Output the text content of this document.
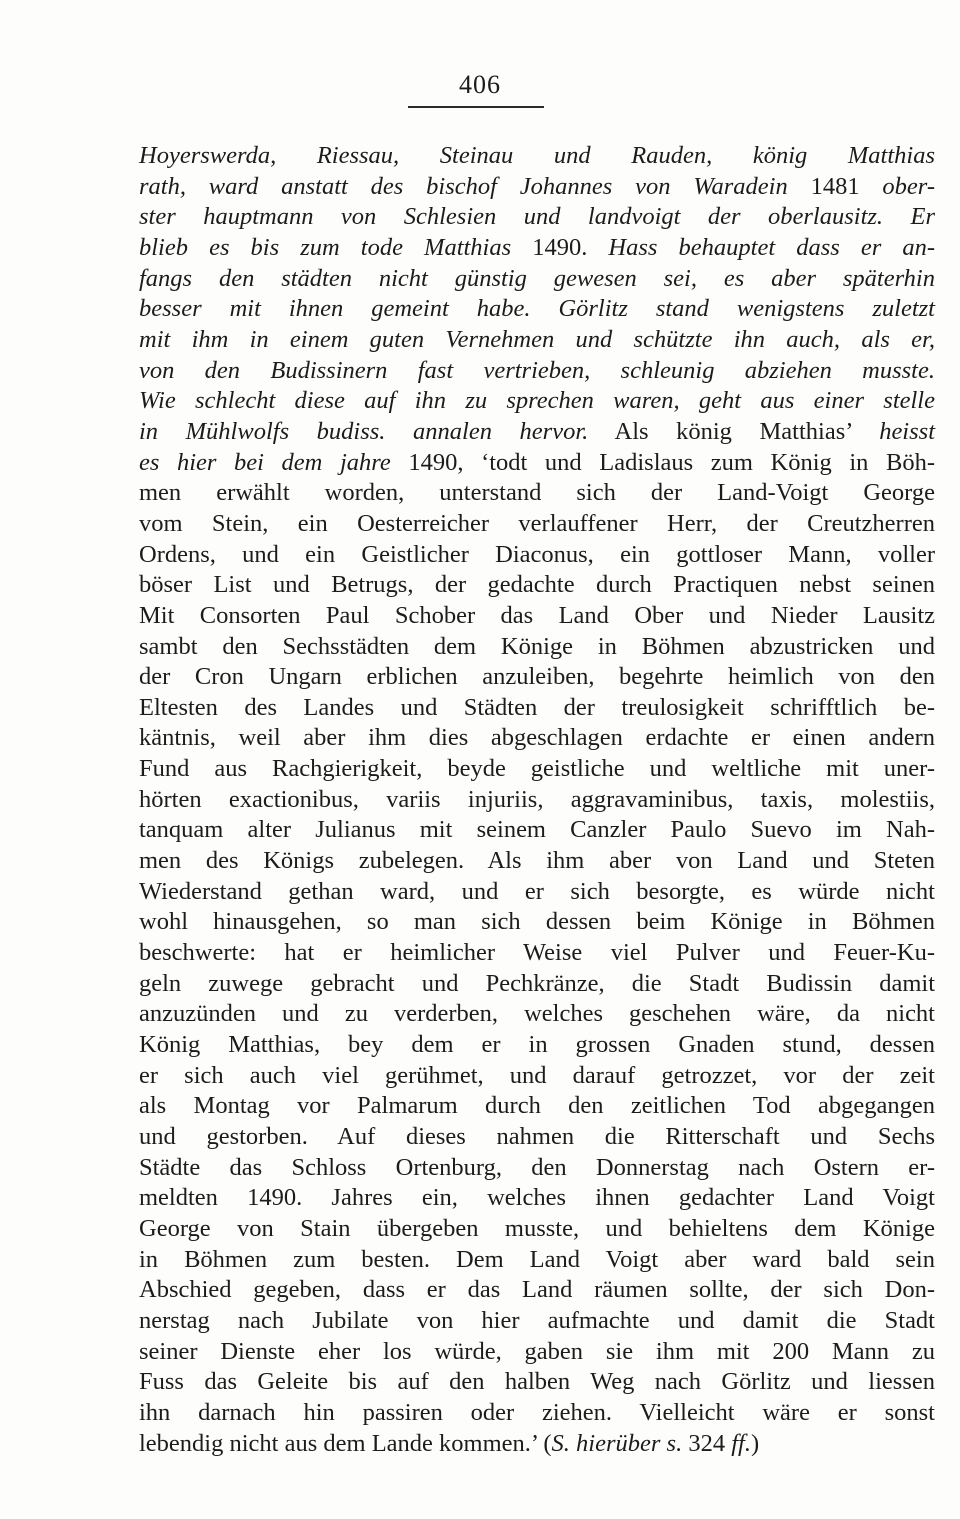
406
Hoyerswerda, Riessau, Steinau und Rauden, könig Matthias
rath, ward anstatt des bischof Johannes von Waradein 1481 ober-
ster hauptmann von Schlesien und landvoigt der oberlausitz. Er
blieb es bis zum tode Matthias 1490. Hass behauptet dass er an-
fangs den städten nicht günstig gewesen sei, es aber späterhin
besser mit ihnen gemeint habe. Görlitz stand wenigstens zuletzt
mit ihm in einem guten Vernehmen und schützte ihn auch, als er,
von den Budissinern fast vertrieben, schleunig abziehen musste.
Wie schlecht diese auf ihn zu sprechen waren, geht aus einer stelle
in Mühlwolfs budiss. annalen hervor. Als könig Matthias’ heisst
es hier bei dem jahre 1490, ‘todt und Ladislaus zum König in Böh-
men erwählt worden, unterstand sich der Land-Voigt George
vom Stein, ein Oesterreicher verlauffener Herr, der Creutzherren
Ordens, und ein Geistlicher Diaconus, ein gottloser Mann, voller
böser List und Betrugs, der gedachte durch Practiquen nebst seinen
Mit Consorten Paul Schober das Land Ober und Nieder Lausitz
sambt den Sechsstädten dem Könige in Böhmen abzustricken und
der Cron Ungarn erblichen anzuleiben, begehrte heimlich von den
Eltesten des Landes und Städten der treulosigkeit schrifftlich be-
käntnis, weil aber ihm dies abgeschlagen erdachte er einen andern
Fund aus Rachgierigkeit, beyde geistliche und weltliche mit uner-
hörten exactionibus, variis injuriis, aggravaminibus, taxis, molestiis,
tanquam alter Julianus mit seinem Canzler Paulo Suevo im Nah-
men des Königs zubelegen. Als ihm aber von Land und Steten
Wiederstand gethan ward, und er sich besorgte, es würde nicht
wohl hinausgehen, so man sich dessen beim Könige in Böhmen
beschwerte: hat er heimlicher Weise viel Pulver und Feuer-Ku-
geln zuwege gebracht und Pechkränze, die Stadt Budissin damit
anzuzünden und zu verderben, welches geschehen wäre, da nicht
König Matthias, bey dem er in grossen Gnaden stund, dessen
er sich auch viel gerühmet, und darauf getrozzet, vor der zeit
als Montag vor Palmarum durch den zeitlichen Tod abgegangen
und gestorben. Auf dieses nahmen die Ritterschaft und Sechs
Städte das Schloss Ortenburg, den Donnerstag nach Ostern er-
meldten 1490. Jahres ein, welches ihnen gedachter Land Voigt
George von Stain übergeben musste, und behieltens dem Könige
in Böhmen zum besten. Dem Land Voigt aber ward bald sein
Abschied gegeben, dass er das Land räumen sollte, der sich Don-
nerstag nach Jubilate von hier aufmachte und damit die Stadt
seiner Dienste eher los würde, gaben sie ihm mit 200 Mann zu
Fuss das Geleite bis auf den halben Weg nach Görlitz und liessen
ihn darnach hin passiren oder ziehen. Vielleicht wäre er sonst
lebendig nicht aus dem Lande kommen.’ (S. hierüber s. 324 ff.)
